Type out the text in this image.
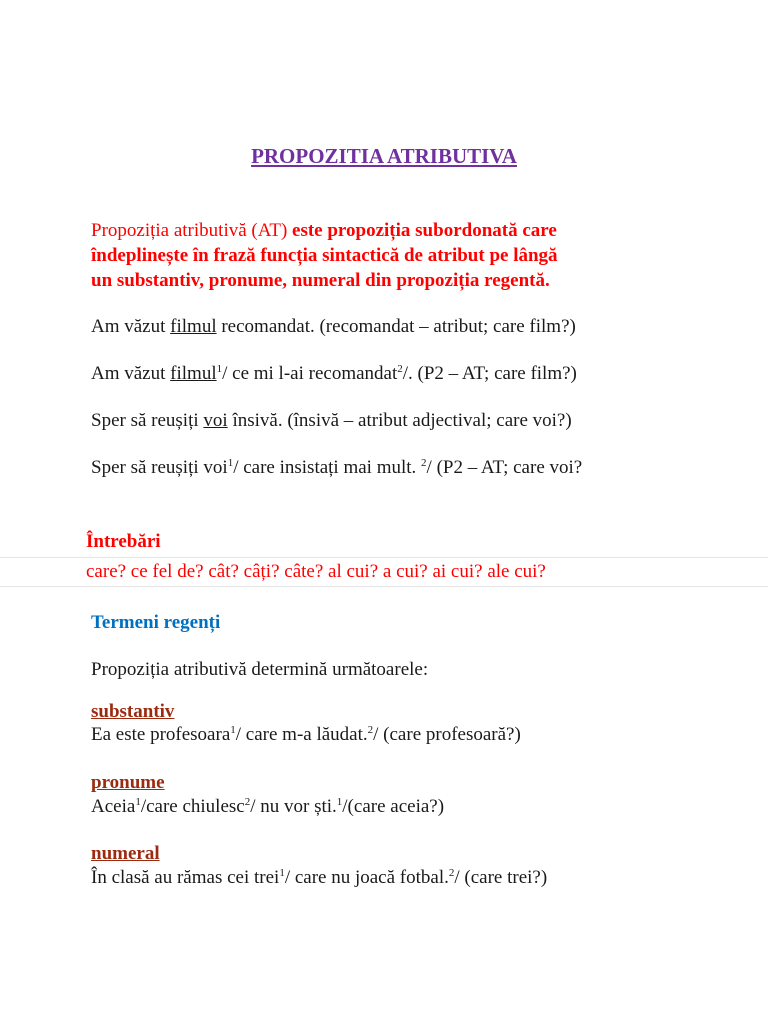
PROPOZITIA ATRIBUTIVA
Propoziția atributivă (AT) este propoziția subordonată care
îndeplinește în frază funcția sintactică de atribut pe lângă
un substantiv, pronume, numeral din propoziția regentă.
Am văzut filmul recomandat. (recomandat – atribut; care film?)
Am văzut filmul$^1$/ ce mi l-ai recomandat$^2$/. (P2 – AT; care film?)
Sper să reușiți voi însivă. (însivă – atribut adjectival; care voi?)
Sper să reușiți voi$^1$/ care insistați mai mult. $^2$/ (P2 – AT; care voi?
Întrebări
care? ce fel de? cât? câți? câte? al cui? a cui? ai cui? ale cui?
Termeni regenți
Propoziția atributivă determină următoarele:
substantiv
Ea este profesoara$^1$/ care m-a lăudat.$^2$/ (care profesoară?)
pronume
Aceia$^1$/care chiulesc$^2$/ nu vor ști.$^1$/(care aceia?)
numeral
În clasă au rămas cei trei$^1$/ care nu joacă fotbal.$^2$/ (care trei?)
